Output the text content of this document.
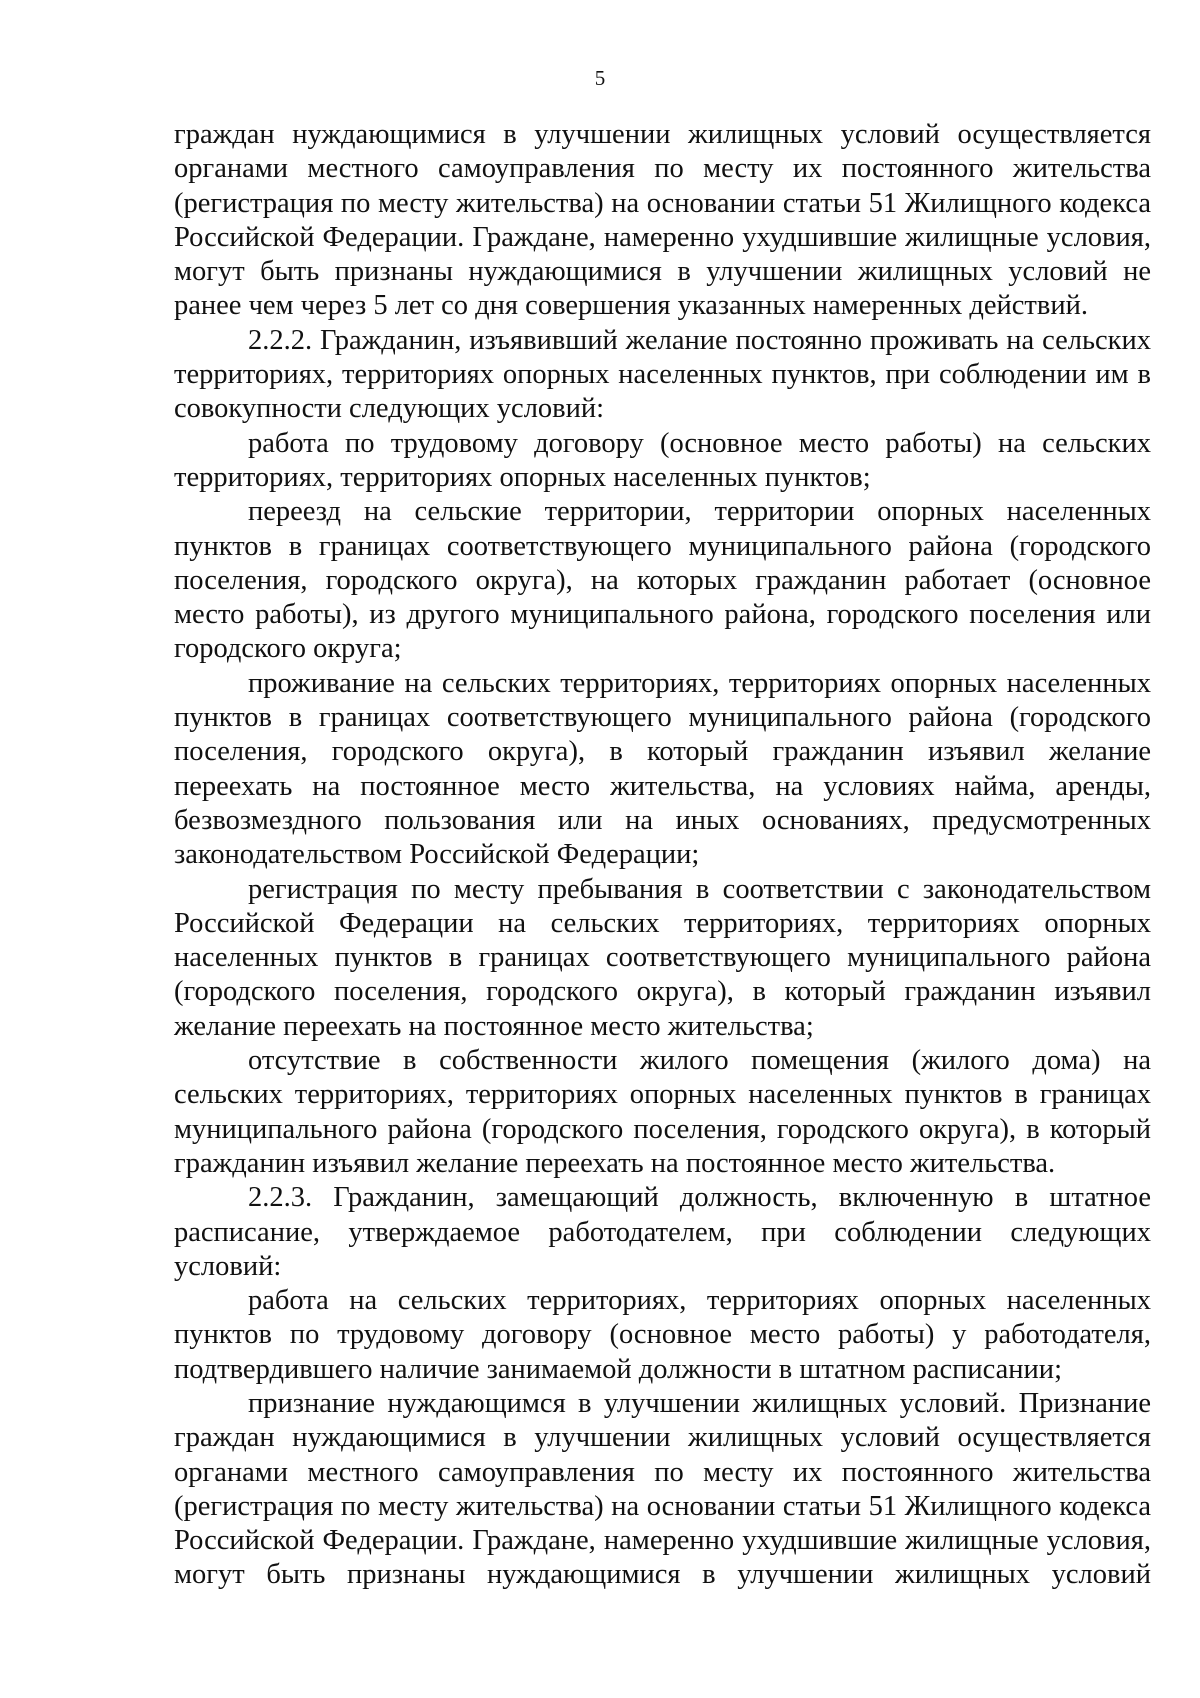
5

граждан нуждающимися в улучшении жилищных условий осуществляется органами местного самоуправления по месту их постоянного жительства (регистрация по месту жительства) на основании статьи 51 Жилищного кодекса Российской Федерации. Граждане, намеренно ухудшившие жилищные условия, могут быть признаны нуждающимися в улучшении жилищных условий не ранее чем через 5 лет со дня совершения указанных намеренных действий.

2.2.2. Гражданин, изъявивший желание постоянно проживать на сельских территориях, территориях опорных населенных пунктов, при соблюдении им в совокупности следующих условий:

работа по трудовому договору (основное место работы) на сельских территориях, территориях опорных населенных пунктов;

переезд на сельские территории, территории опорных населенных пунктов в границах соответствующего муниципального района (городского поселения, городского округа), на которых гражданин работает (основное место работы), из другого муниципального района, городского поселения или городского округа;

проживание на сельских территориях, территориях опорных населенных пунктов в границах соответствующего муниципального района (городского поселения, городского округа), в который гражданин изъявил желание переехать на постоянное место жительства, на условиях найма, аренды, безвозмездного пользования или на иных основаниях, предусмотренных законодательством Российской Федерации;

регистрация по месту пребывания в соответствии с законодательством Российской Федерации на сельских территориях, территориях опорных населенных пунктов в границах соответствующего муниципального района (городского поселения, городского округа), в который гражданин изъявил желание переехать на постоянное место жительства;

отсутствие в собственности жилого помещения (жилого дома) на сельских территориях, территориях опорных населенных пунктов в границах муниципального района (городского поселения, городского округа), в который гражданин изъявил желание переехать на постоянное место жительства.

2.2.3. Гражданин, замещающий должность, включенную в штатное расписание, утверждаемое работодателем, при соблюдении следующих условий:

работа на сельских территориях, территориях опорных населенных пунктов по трудовому договору (основное место работы) у работодателя, подтвердившего наличие занимаемой должности в штатном расписании;

признание нуждающимся в улучшении жилищных условий. Признание граждан нуждающимися в улучшении жилищных условий осуществляется органами местного самоуправления по месту их постоянного жительства (регистрация по месту жительства) на основании статьи 51 Жилищного кодекса Российской Федерации. Граждане, намеренно ухудшившие жилищные условия, могут быть признаны нуждающимися в улучшении жилищных условий
